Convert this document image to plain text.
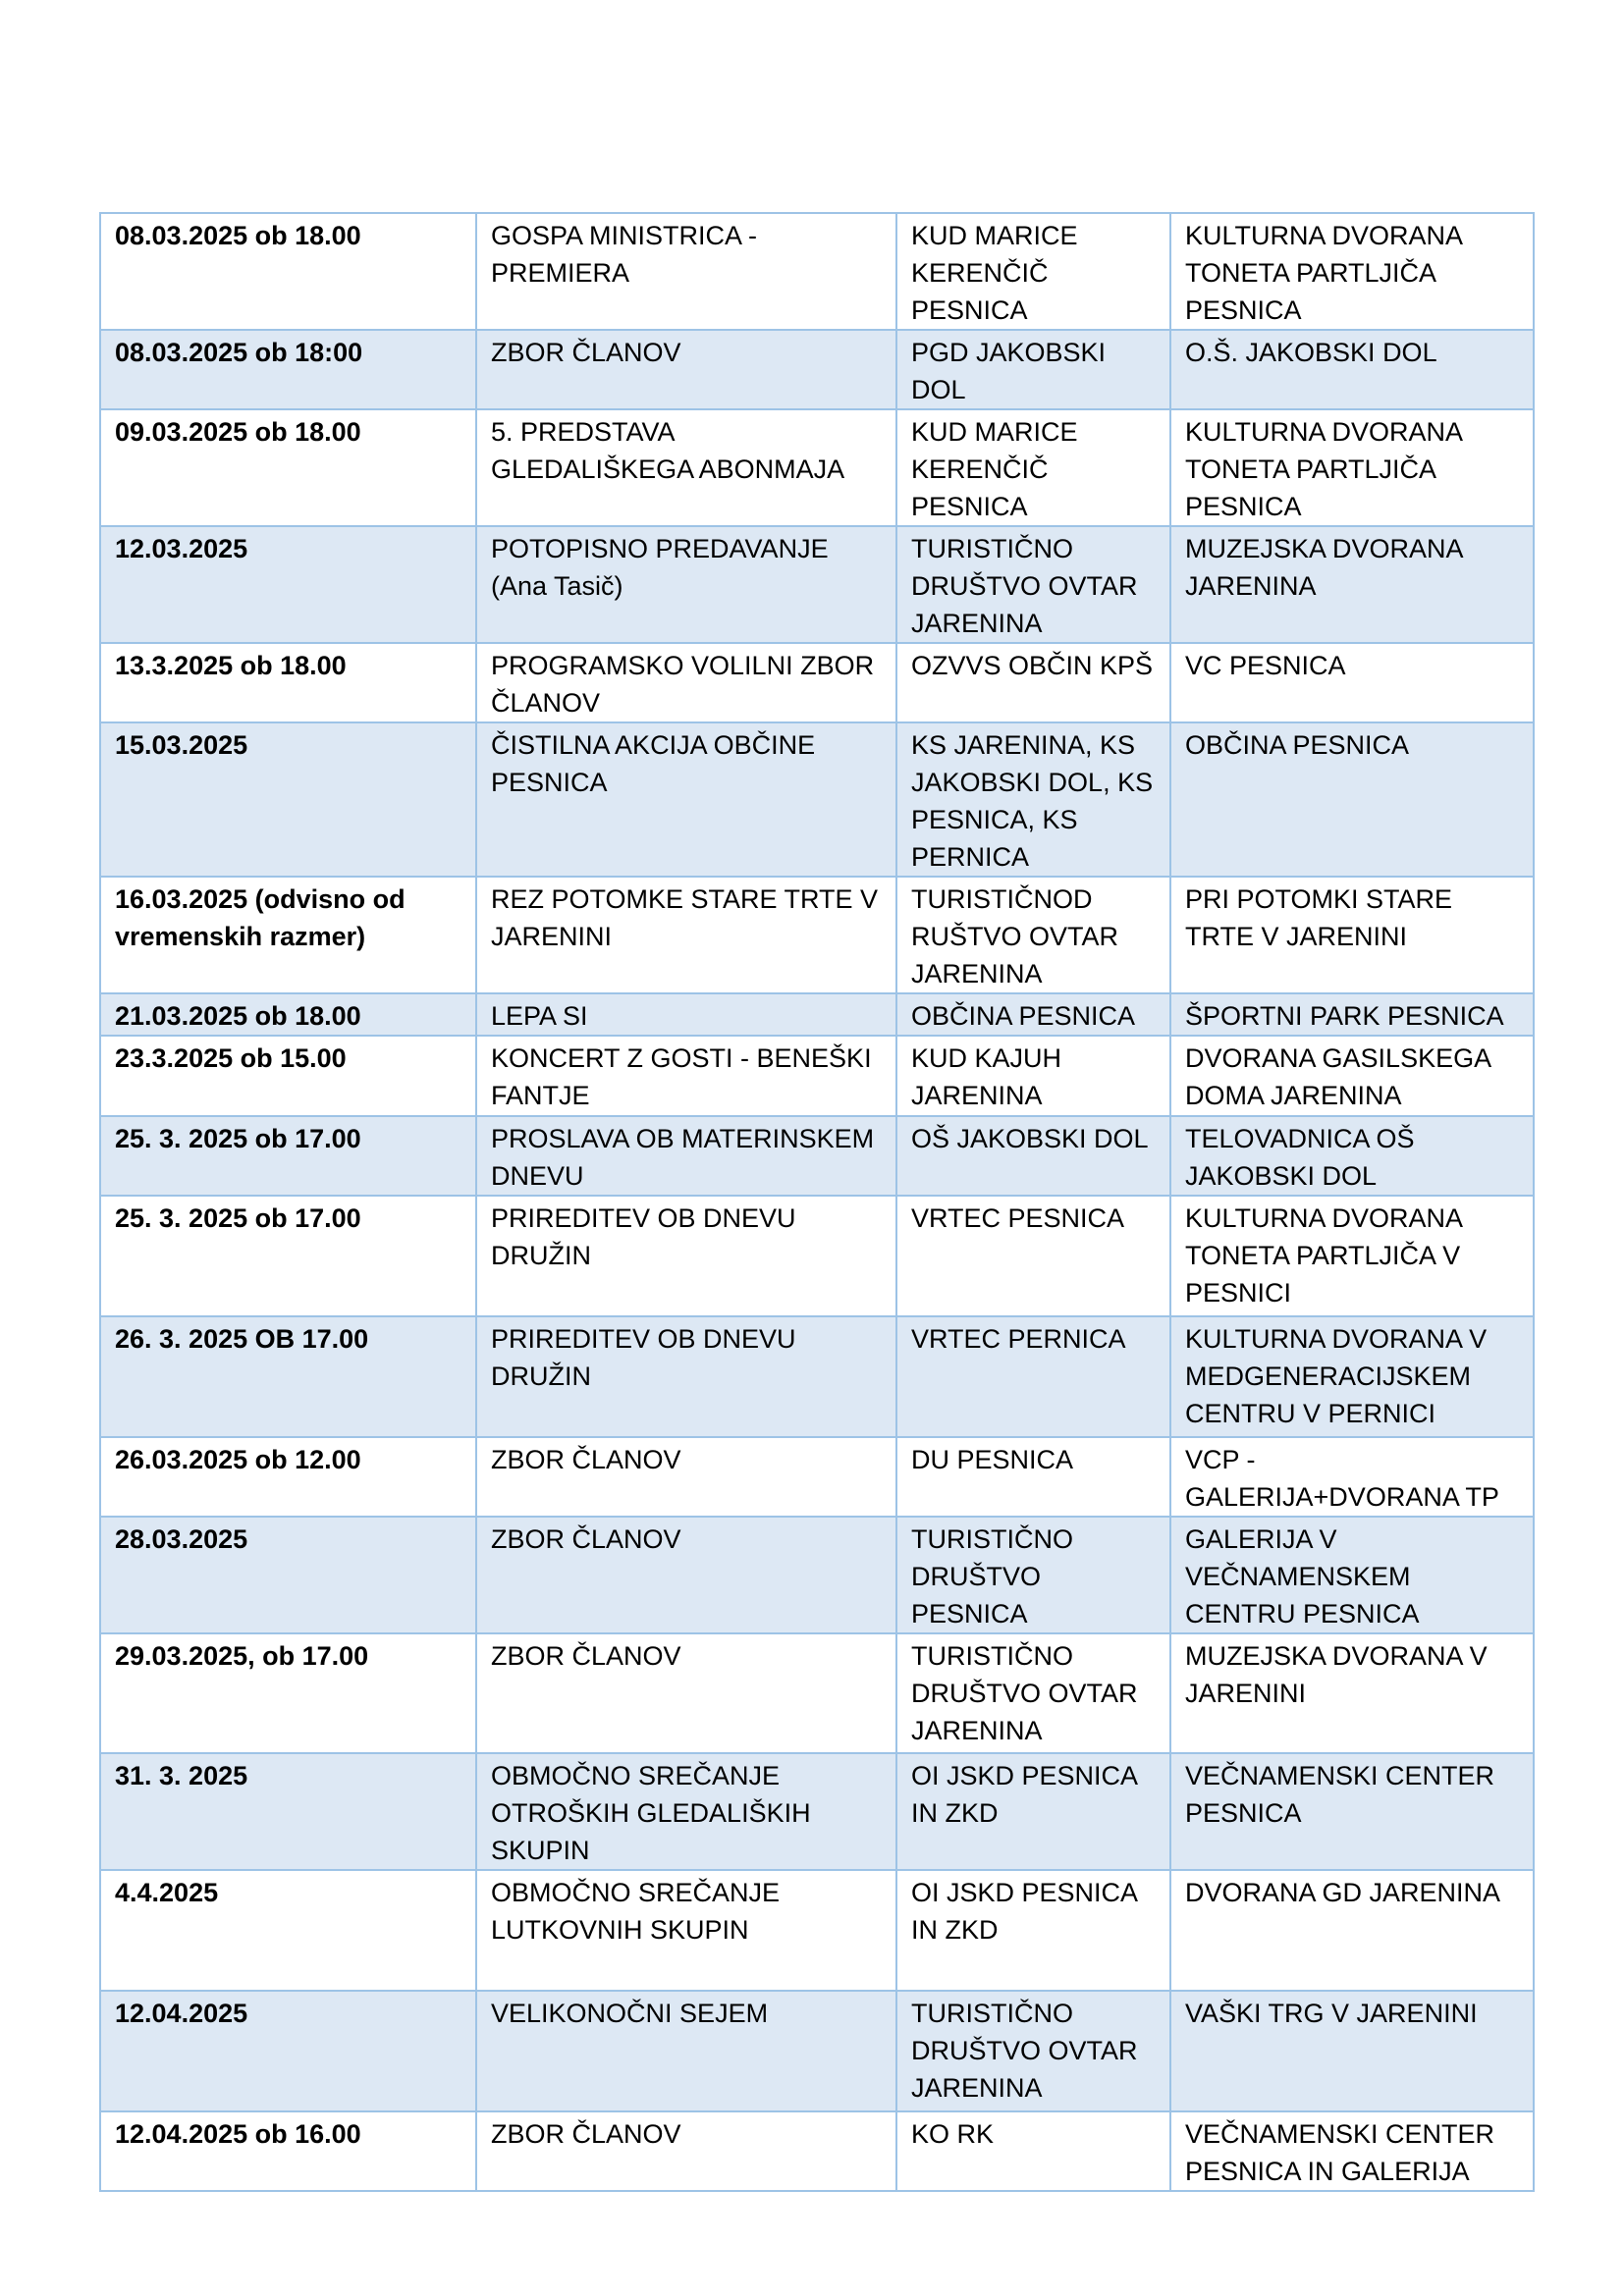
08.03.2025 ob 18.00	GOSPA MINISTRICA - PREMIERA	KUD MARICE KERENČIČ PESNICA	KULTURNA DVORANA TONETA PARTLJIČA PESNICA
08.03.2025 ob 18:00	ZBOR ČLANOV	PGD JAKOBSKI DOL	O.Š. JAKOBSKI DOL
09.03.2025 ob 18.00	5. PREDSTAVA GLEDALIŠKEGA ABONMAJA	KUD MARICE KERENČIČ PESNICA	KULTURNA DVORANA TONETA PARTLJIČA PESNICA
12.03.2025	POTOPISNO PREDAVANJE (Ana Tasič)	TURISTIČNO DRUŠTVO OVTAR JARENINA	MUZEJSKA DVORANA JARENINA
13.3.2025 ob 18.00	PROGRAMSKO VOLILNI ZBOR ČLANOV	OZVVS OBČIN KPŠ	VC PESNICA
15.03.2025	ČISTILNA AKCIJA OBČINE PESNICA	KS JARENINA, KS JAKOBSKI DOL, KS PESNICA, KS PERNICA	OBČINA PESNICA
16.03.2025 (odvisno od vremenskih razmer)	REZ POTOMKE STARE TRTE V JARENINI	TURISTIČNOD RUŠTVO OVTAR JARENINA	PRI POTOMKI STARE TRTE V JARENINI
21.03.2025 ob 18.00	LEPA SI	OBČINA PESNICA	ŠPORTNI PARK PESNICA
23.3.2025 ob 15.00	KONCERT Z GOSTI - BENEŠKI FANTJE	KUD KAJUH JARENINA	DVORANA GASILSKEGA DOMA JARENINA
25. 3. 2025 ob 17.00	PROSLAVA OB MATERINSKEM DNEVU	OŠ JAKOBSKI DOL	TELOVADNICA OŠ JAKOBSKI DOL
25. 3. 2025 ob 17.00	PRIREDITEV OB DNEVU DRUŽIN	VRTEC PESNICA	KULTURNA DVORANA TONETA PARTLJIČA V PESNICI
26. 3. 2025 OB 17.00	PRIREDITEV OB DNEVU DRUŽIN	VRTEC PERNICA	KULTURNA DVORANA V MEDGENERACIJSKEM CENTRU V PERNICI
26.03.2025 ob 12.00	ZBOR ČLANOV	DU PESNICA	VCP - GALERIJA+DVORANA TP
28.03.2025	ZBOR ČLANOV	TURISTIČNO DRUŠTVO PESNICA	GALERIJA V VEČNAMENSKEM CENTRU PESNICA
29.03.2025, ob 17.00	ZBOR ČLANOV	TURISTIČNO DRUŠTVO OVTAR JARENINA	MUZEJSKA DVORANA V JARENINI
31. 3. 2025	OBMOČNO SREČANJE OTROŠKIH GLEDALIŠKIH SKUPIN	OI JSKD PESNICA IN ZKD	VEČNAMENSKI CENTER PESNICA
4.4.2025	OBMOČNO SREČANJE LUTKOVNIH SKUPIN	OI JSKD PESNICA IN ZKD	DVORANA GD JARENINA
12.04.2025	VELIKONOČNI SEJEM	TURISTIČNO DRUŠTVO OVTAR JARENINA	VAŠKI TRG V JARENINI
12.04.2025 ob 16.00	ZBOR ČLANOV	KO RK	VEČNAMENSKI CENTER PESNICA IN GALERIJA
